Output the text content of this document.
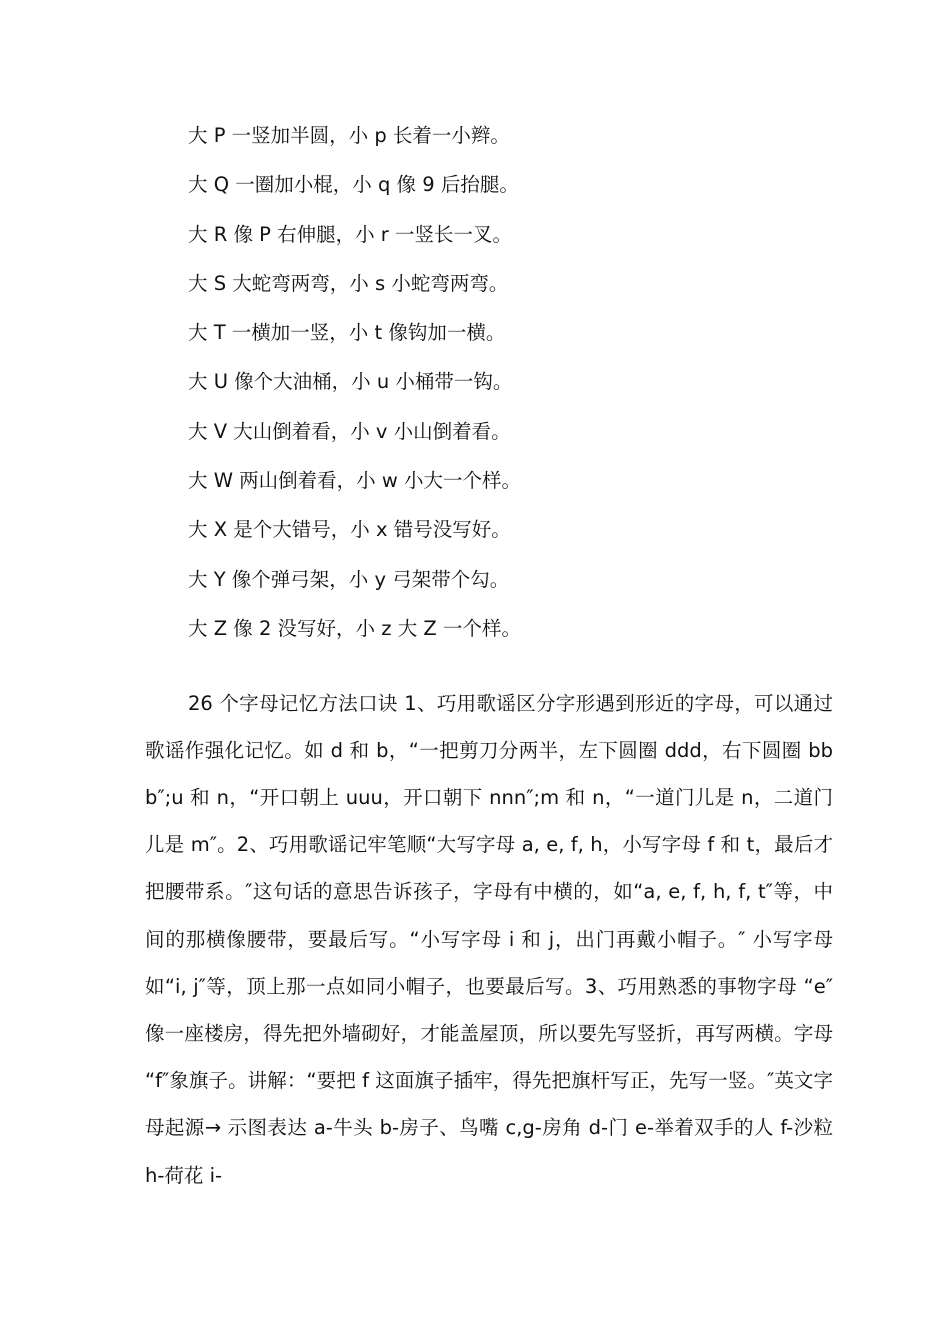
大 P 一竖加半圆，小 p 长着一小辫。
大 Q 一圈加小棍，小 q 像 9 后抬腿。
大 R 像 P 右伸腿，小 r 一竖长一叉。
大 S 大蛇弯两弯，小 s 小蛇弯两弯。
大 T 一横加一竖，小 t 像钩加一横。
大 U 像个大油桶，小 u 小桶带一钩。
大 V 大山倒着看，小 v 小山倒着看。
大 W 两山倒着看，小 w 小大一个样。
大 X 是个大错号，小 x 错号没写好。
大 Y 像个弹弓架，小 y 弓架带个勾。
大 Z 像 2 没写好，小 z 大 Z 一个样。

26 个字母记忆方法口诀 1、巧用歌谣区分字形遇到形近的字母，可以通过歌谣作强化记忆。如 d 和 b，“一把剪刀分两半，左下圆圈 ddd，右下圆圈 bbb″;u 和 n，“开口朝上 uuu，开口朝下 nnn″;m 和 n，“一道门儿是 n，二道门儿是 m″。2、巧用歌谣记牢笔顺“大写字母 a, e, f, h，小写字母 f 和 t，最后才把腰带系。″这句话的意思告诉孩子，字母有中横的，如“a, e, f, h, f, t″等，中间的那横像腰带，要最后写。“小写字母 i 和 j，出门再戴小帽子。″ 小写字母如“i, j″等，顶上那一点如同小帽子，也要最后写。3、巧用熟悉的事物字母 “e″像一座楼房，得先把外墙砌好，才能盖屋顶，所以要先写竖折，再写两横。字母 “f″象旗子。讲解：“要把 f 这面旗子插牢，得先把旗杆写正，先写一竖。″英文字母起源→ 示图表达 a-牛头 b-房子、鸟嘴 c,g-房角 d-门 e-举着双手的人 f-沙粒 h-荷花 i-
